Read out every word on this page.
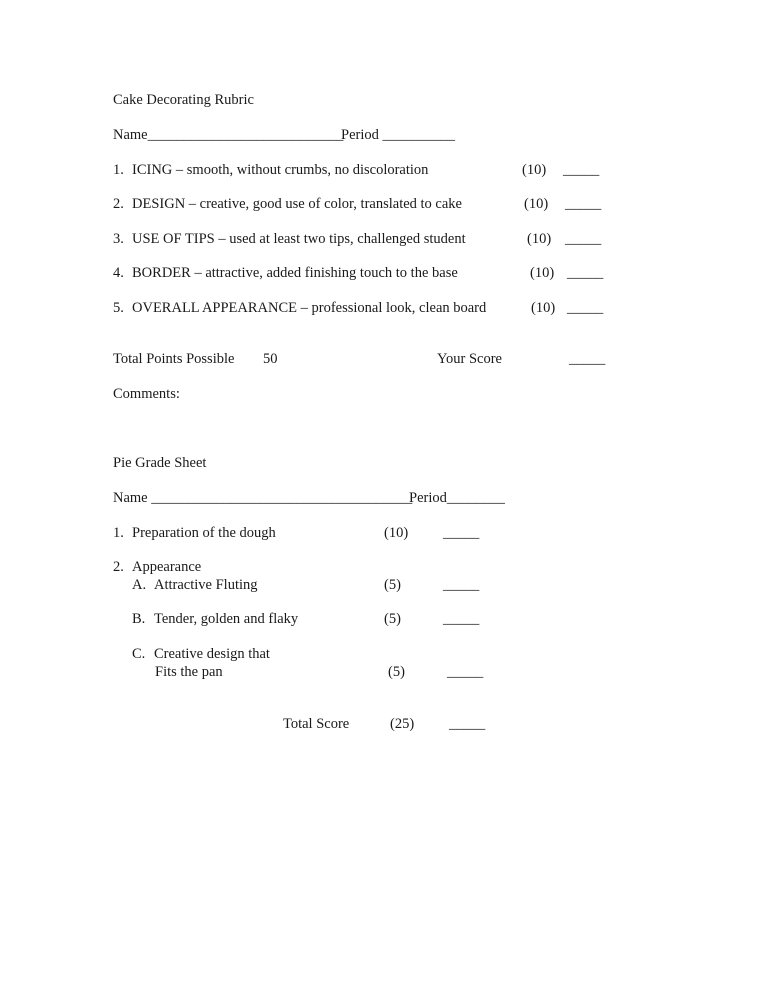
Cake Decorating Rubric
Name___________________________
Period __________
1. ICING – smooth, without crumbs, no discoloration	(10) _____
2. DESIGN – creative, good use of color, translated to cake	(10) _____
3. USE OF TIPS – used at least two tips, challenged student	(10) _____
4. BORDER – attractive, added finishing touch to the base	(10) _____
5. OVERALL APPEARANCE – professional look, clean board	(10) _____
Total Points Possible 50	Your Score	_____
Comments:
Pie Grade Sheet
Name ____________________________________
Period________
1. Preparation of the dough	(10) _____
2. Appearance
A. Attractive Fluting	(5)	_____
B. Tender, golden and flaky	(5)	_____
C. Creative design that
Fits the pan	(5)	_____
Total Score	(25) _____
